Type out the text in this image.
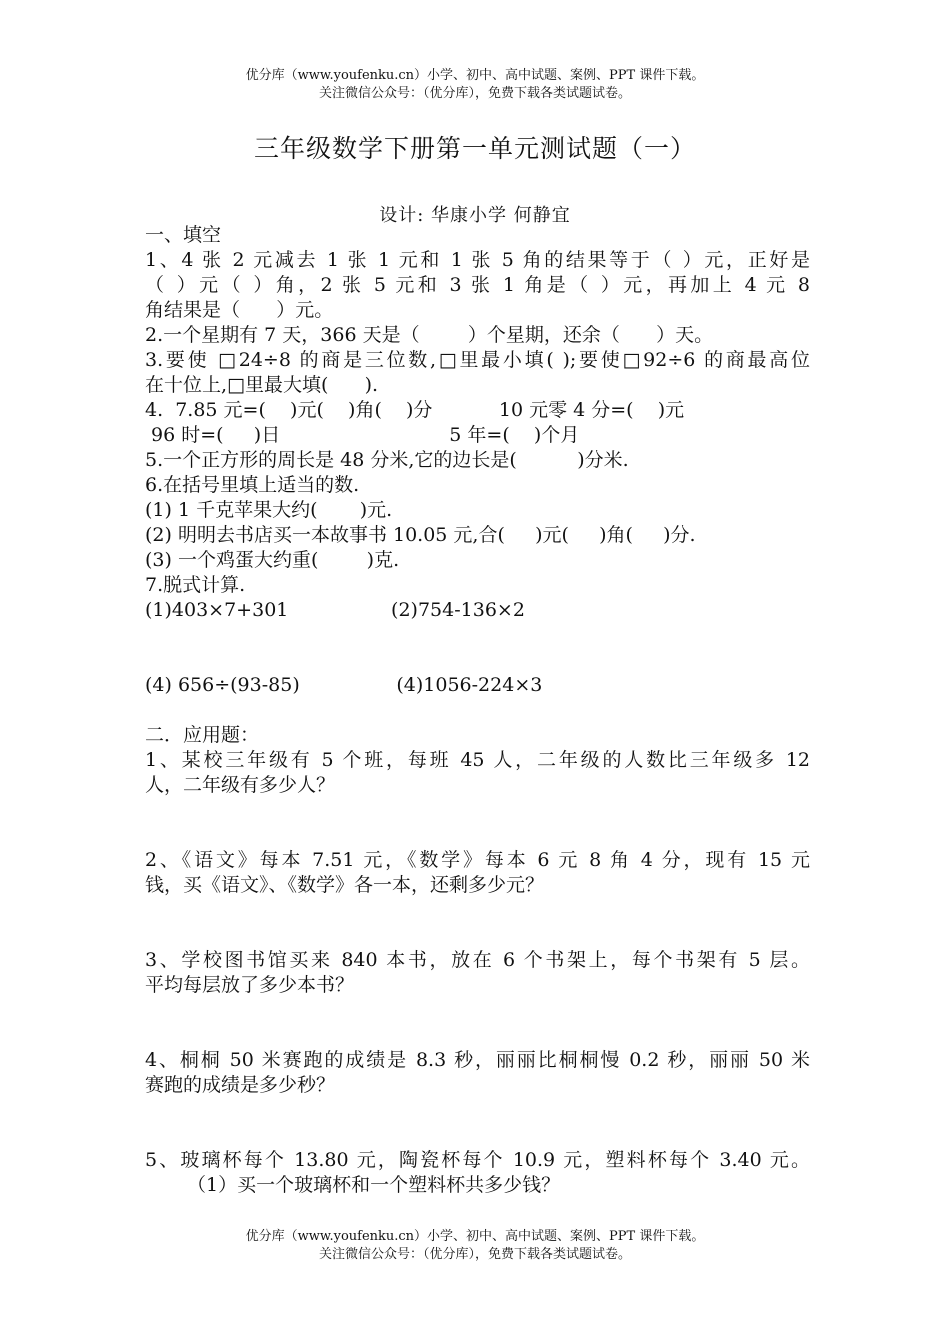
优分库（www.youfenku.cn）小学、初中、高中试题、案例、PPT 课件下载。
关注微信公众号：（优分库），免费下载各类试题试卷。
三年级数学下册第一单元测试题（一）
设计: 华康小学 何静宜
一、填空
1、4 张 2 元减去 1 张 1 元和 1 张 5 角的结果等于（ ）元，正好是
（ ）元（ ）角，2 张 5 元和 3 张 1 角是（ ）元，再加上 4 元 8
角结果是（      ）元。
2.一个星期有 7 天，366 天是（        ）个星期，还余（      ）天。
3.要使 □24÷8 的商是三位数,□里最小填( );要使□92÷6 的商最高位
在十位上,□里最大填(      ).
4.  7.85 元=(    )元(    )角(    )分           10 元零 4 分=(    )元
96 时=(     )日                            5 年=(    )个月
5.一个正方形的周长是 48 分米,它的边长是(          )分米.
6.在括号里填上适当的数.
(1) 1 千克苹果大约(       )元.
(2) 明明去书店买一本故事书 10.05 元,合(     )元(     )角(     )分.
(3) 一个鸡蛋大约重(        )克.
7.脱式计算.
(1)403×7+301                 (2)754-136×2
(4) 656÷(93-85)                (4)1056-224×3
二．应用题：
1、某校三年级有 5 个班，每班 45 人，二年级的人数比三年级多 12
人，二年级有多少人？
2、《语文》每本 7.51 元，《数学》每本 6 元 8 角 4 分，现有 15 元
钱，买《语文》、《数学》各一本，还剩多少元？
3、学校图书馆买来 840 本书，放在 6 个书架上，每个书架有 5 层。
平均每层放了多少本书？
4、桐桐 50 米赛跑的成绩是 8.3 秒，丽丽比桐桐慢 0.2 秒，丽丽 50 米
赛跑的成绩是多少秒？
5、玻璃杯每个 13.80 元，陶瓷杯每个 10.9 元，塑料杯每个 3.40 元。
（1）买一个玻璃杯和一个塑料杯共多少钱？
优分库（www.youfenku.cn）小学、初中、高中试题、案例、PPT 课件下载。
关注微信公众号：（优分库），免费下载各类试题试卷。
